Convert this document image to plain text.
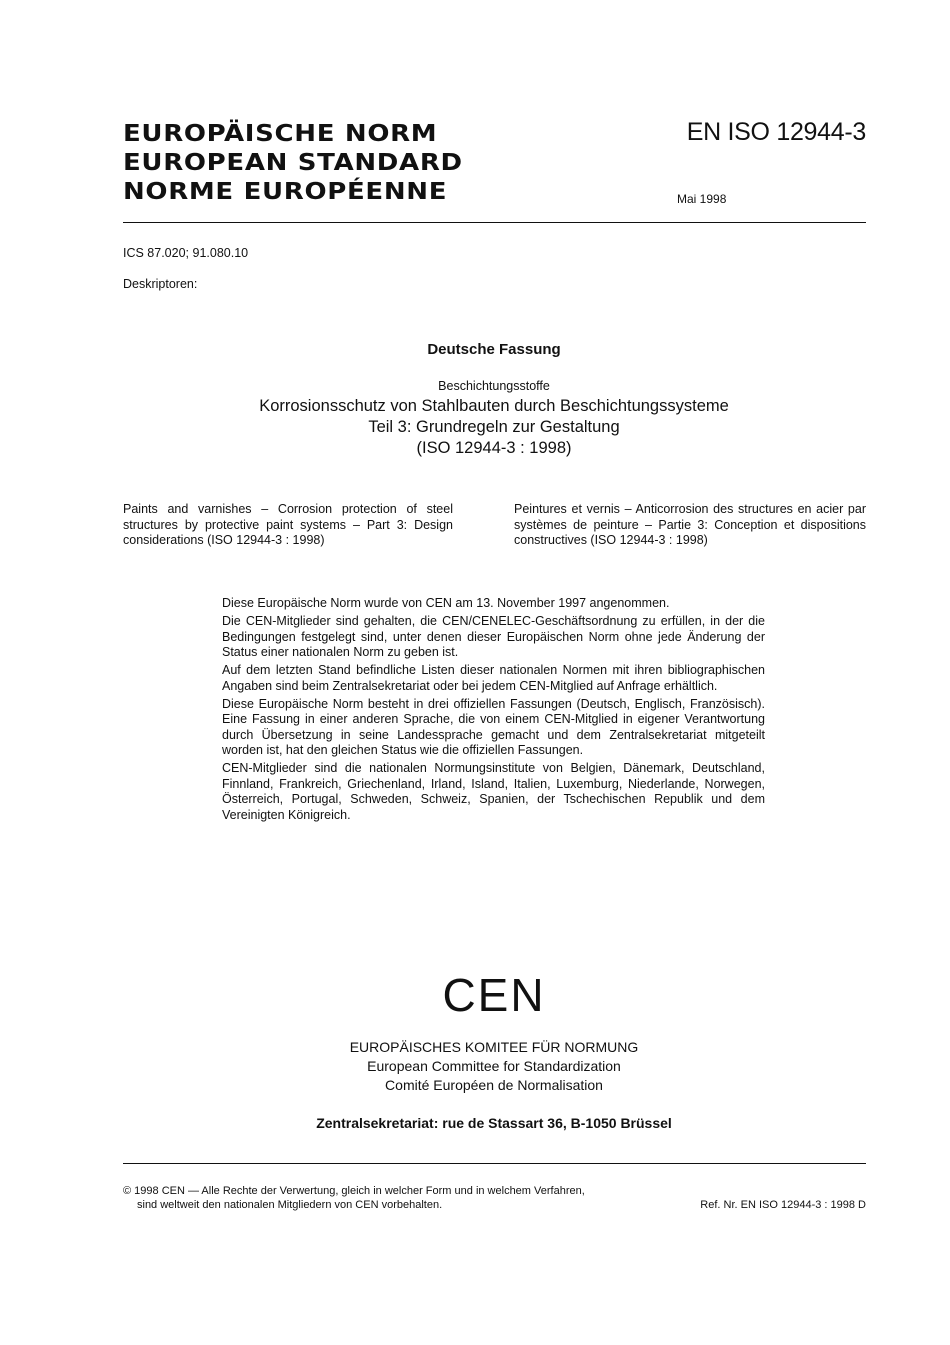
EUROPÄISCHE NORM
EUROPEAN STANDARD
NORME EUROPÉENNE
EN ISO 12944-3
Mai 1998
ICS 87.020; 91.080.10
Deskriptoren:
Deutsche Fassung
Beschichtungsstoffe
Korrosionsschutz von Stahlbauten durch Beschichtungssysteme
Teil 3: Grundregeln zur Gestaltung
(ISO 12944-3 : 1998)
Paints and varnishes – Corrosion protection of steel structures by protective paint systems – Part 3: Design considerations (ISO 12944-3 : 1998)
Peintures et vernis – Anticorrosion des structures en acier par systèmes de peinture – Partie 3: Conception et dispositions constructives (ISO 12944-3 : 1998)

Diese Europäische Norm wurde von CEN am 13. November 1997 angenommen.

Die CEN-Mitglieder sind gehalten, die CEN/CENELEC-Geschäftsordnung zu erfüllen, in der die Bedingungen festgelegt sind, unter denen dieser Europäischen Norm ohne jede Änderung der Status einer nationalen Norm zu geben ist.

Auf dem letzten Stand befindliche Listen dieser nationalen Normen mit ihren bibliographischen Angaben sind beim Zentralsekretariat oder bei jedem CEN-Mitglied auf Anfrage erhältlich.

Diese Europäische Norm besteht in drei offiziellen Fassungen (Deutsch, Englisch, Französisch). Eine Fassung in einer anderen Sprache, die von einem CEN-Mitglied in eigener Verantwortung durch Übersetzung in seine Landessprache gemacht und dem Zentralsekretariat mitgeteilt worden ist, hat den gleichen Status wie die offiziellen Fassungen.

CEN-Mitglieder sind die nationalen Normungsinstitute von Belgien, Dänemark, Deutschland, Finnland, Frankreich, Griechenland, Irland, Island, Italien, Luxemburg, Niederlande, Norwegen, Österreich, Portugal, Schweden, Schweiz, Spanien, der Tschechischen Republik und dem Vereinigten Königreich.

CEN
EUROPÄISCHES KOMITEE FÜR NORMUNG
European Committee for Standardization
Comité Européen de Normalisation
Zentralsekretariat: rue de Stassart 36, B-1050 Brüssel
© 1998 CEN — Alle Rechte der Verwertung, gleich in welcher Form und in welchem Verfahren,
sind weltweit den nationalen Mitgliedern von CEN vorbehalten.	Ref. Nr. EN ISO 12944-3 : 1998 D
